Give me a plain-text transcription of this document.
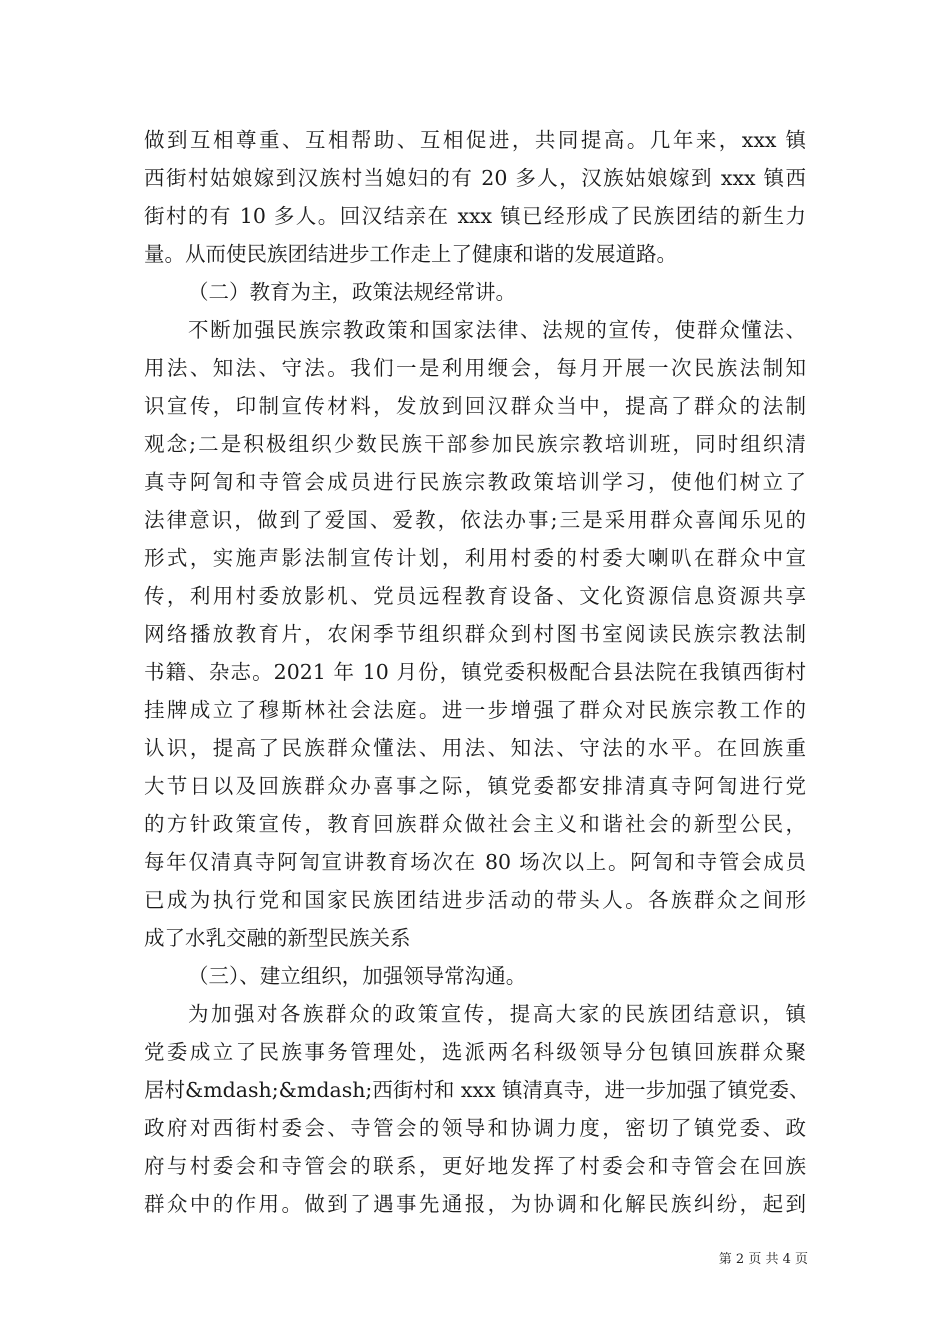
做到互相尊重、互相帮助、互相促进，共同提高。几年来，xxx 镇
西街村姑娘嫁到汉族村当媳妇的有 20 多人，汉族姑娘嫁到 xxx 镇西
街村的有 10 多人。回汉结亲在 xxx 镇已经形成了民族团结的新生力
量。从而使民族团结进步工作走上了健康和谐的发展道路。
（二）教育为主，政策法规经常讲。
不断加强民族宗教政策和国家法律、法规的宣传，使群众懂法、
用法、知法、守法。我们一是利用缏会，每月开展一次民族法制知
识宣传，印制宣传材料，发放到回汉群众当中，提高了群众的法制
观念;二是积极组织少数民族干部参加民族宗教培训班，同时组织清
真寺阿訇和寺管会成员进行民族宗教政策培训学习，使他们树立了
法律意识，做到了爱国、爱教，依法办事;三是采用群众喜闻乐见的
形式，实施声影法制宣传计划，利用村委的村委大喇叭在群众中宣
传，利用村委放影机、党员远程教育设备、文化资源信息资源共享
网络播放教育片，农闲季节组织群众到村图书室阅读民族宗教法制
书籍、杂志。2021 年 10 月份，镇党委积极配合县法院在我镇西街村
挂牌成立了穆斯林社会法庭。进一步增强了群众对民族宗教工作的
认识，提高了民族群众懂法、用法、知法、守法的水平。在回族重
大节日以及回族群众办喜事之际，镇党委都安排清真寺阿訇进行党
的方针政策宣传，教育回族群众做社会主义和谐社会的新型公民，
每年仅清真寺阿訇宣讲教育场次在 80 场次以上。阿訇和寺管会成员
已成为执行党和国家民族团结进步活动的带头人。各族群众之间形
成了水乳交融的新型民族关系
（三）、建立组织，加强领导常沟通。
为加强对各族群众的政策宣传，提高大家的民族团结意识，镇
党委成立了民族事务管理处，选派两名科级领导分包镇回族群众聚
居村&mdash;&mdash;西街村和 xxx 镇清真寺，进一步加强了镇党委、
政府对西街村委会、寺管会的领导和协调力度，密切了镇党委、政
府与村委会和寺管会的联系，更好地发挥了村委会和寺管会在回族
群众中的作用。做到了遇事先通报，为协调和化解民族纠纷，起到
第 2 页 共 4 页
